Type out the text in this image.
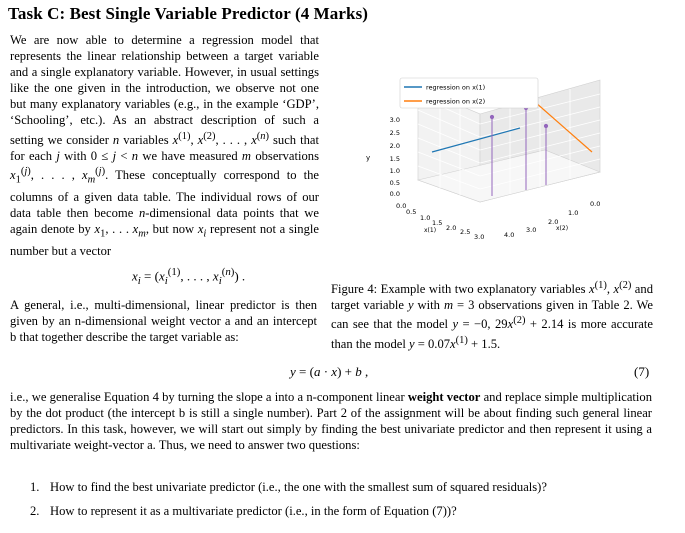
Task C: Best Single Variable Predictor (4 Marks)
We are now able to determine a regression model that represents the linear relationship between a target variable and a single explanatory variable. However, in usual settings like the one given in the introduction, we observe not one but many explanatory variables (e.g., in the example ‘GDP’, ‘Schooling’, etc.). As an abstract description of such a setting we consider n variables $x^{(1)}$, $x^{(2)}$, . . . , $x^{(n)}$ such that for each j with 0 ≤ j < n we have measured m observations $x_1^{(j)}$, . . . , $x_m^{(j)}$. These conceptually correspond to the columns of a given data table. The individual rows of our data table then become n-dimensional data points that we again denote by $x_1$, . . . $x_m$, but now $x_i$ represent not a single number but a vector
$x_i = (x_i^{(1)}$, . . . , $x_i^{(n)}$) .
A general, i.e., multi-dimensional, linear predictor is then given by an n-dimensional weight vector a and an intercept b that together describe the target variable as:
Figure 4: Example with two explanatory variables $x^{(1)}$, $x^{(2)}$ and target variable y with m = 3 observations given in Table 2. We can see that the model y = −0, $29x^{(2)} + 2.14$ is more accurate than the model $y = 0.07x^{(1)} + 1.5$.
y = (a · x) + b ,	(7)
i.e., we generalise Equation 4 by turning the slope a into a n-component linear weight vector and replace simple multiplication by the dot product (the intercept b is still a single number). Part 2 of the assignment will be about finding such general linear predictors. In this task, however, we will start out simply by finding the best univariate predictor and then represent it using a multivariate weight-vector a. Thus, we need to answer two questions:
1. How to find the best univariate predictor (i.e., the one with the smallest sum of squared residuals)?
2. How to represent it as a multivariate predictor (i.e., in the form of Equation (7))?
regression on x(1)
regression on x(2)
0.0
0.5
1.0
1.5
2.0
2.5
3.0
y
0.0
0.5
1.0
1.5
2.0 2.5
3.0	4.0
x(1)
0.0
1.0
2.0
3.0	x(2)
